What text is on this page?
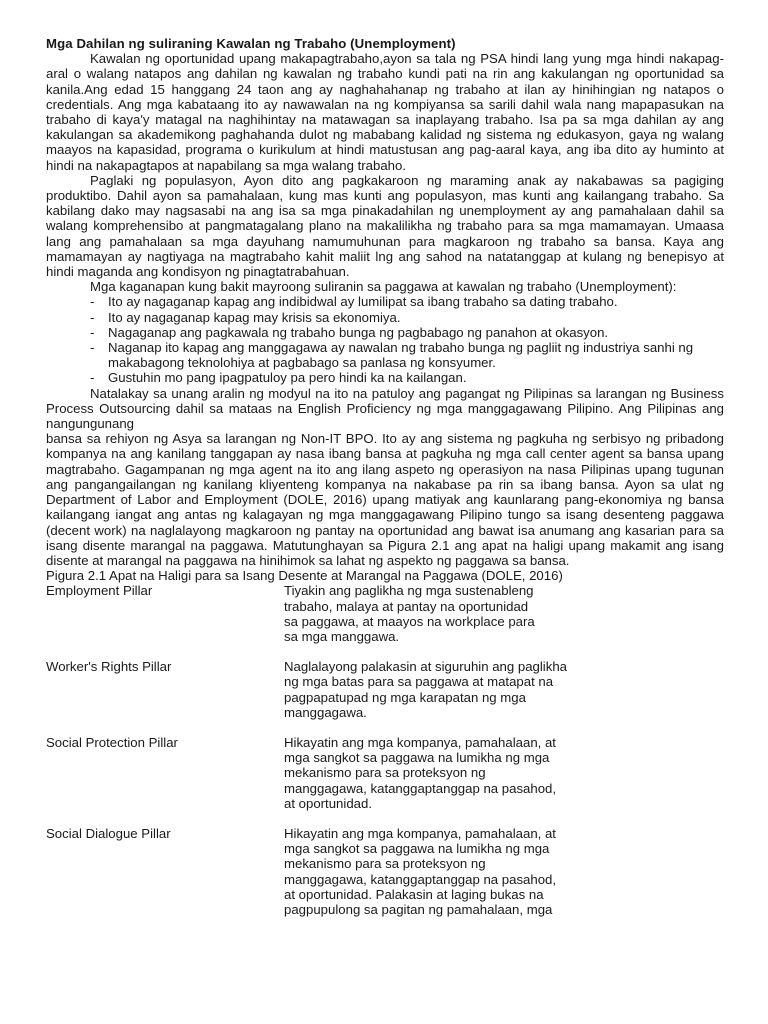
Mga Dahilan ng suliraning Kawalan ng Trabaho (Unemployment)

Kawalan ng oportunidad upang makapagtrabaho,ayon sa tala ng PSA hindi lang yung mga hindi nakapag-aral o walang natapos ang dahilan ng kawalan ng trabaho kundi pati na rin ang kakulangan ng oportunidad sa kanila.Ang edad 15 hanggang 24 taon ang ay naghahahanap ng trabaho at ilan ay hinihingian ng natapos o credentials. Ang mga kabataang ito ay nawawalan na ng kompiyansa sa sarili dahil wala nang mapapasukan na trabaho di kaya'y matagal na naghihintay na matawagan sa inaplayang trabaho. Isa pa sa mga dahilan ay ang kakulangan sa akademikong paghahanda dulot ng mababang kalidad ng sistema ng edukasyon, gaya ng walang maayos na kapasidad, programa o kurikulum at hindi matustusan ang pag-aaral kaya, ang iba dito ay huminto at hindi na nakapagtapos at napabilang sa mga walang trabaho.

Paglaki ng populasyon, Ayon dito ang pagkakaroon ng maraming anak ay nakabawas sa pagiging produktibo. Dahil ayon sa pamahalaan, kung mas kunti ang populasyon, mas kunti ang kailangang trabaho. Sa kabilang dako may nagsasabi na ang isa sa mga pinakadahilan ng unemployment ay ang pamahalaan dahil sa walang komprehensibo at pangmatagalang plano na makalilikha ng trabaho para sa mga mamamayan. Umaasa lang ang pamahalaan sa mga dayuhang namumuhunan para magkaroon ng trabaho sa bansa. Kaya ang mamamayan ay nagtiyaga na magtrabaho kahit maliit lng ang sahod na natatanggap at kulang ng benepisyo at hindi maganda ang kondisyon ng pinagtatrabahuan.

Mga kaganapan kung bakit mayroong suliranin sa paggawa at kawalan ng trabaho (Unemployment):

- Ito ay nagaganap kapag ang indibidwal ay lumilipat sa ibang trabaho sa dating trabaho.
- Ito ay nagaganap kapag may krisis sa ekonomiya.
- Nagaganap ang pagkawala ng trabaho bunga ng pagbabago ng panahon at okasyon.
- Naganap ito kapag ang manggagawa ay nawalan ng trabaho bunga ng pagliit ng industriya sanhi ng makabagong teknolohiya at pagbabago sa panlasa ng konsyumer.
- Gustuhin mo pang ipagpatuloy pa pero hindi ka na kailangan.

Natalakay sa unang aralin ng modyul na ito na patuloy ang pagangat ng Pilipinas sa larangan ng Business Process Outsourcing dahil sa mataas na English Proficiency ng mga manggagawang Pilipino. Ang Pilipinas ang nangungunang

bansa sa rehiyon ng Asya sa larangan ng Non-IT BPO. Ito ay ang sistema ng pagkuha ng serbisyo ng pribadong kompanya na ang kanilang tanggapan ay nasa ibang bansa at pagkuha ng mga call center agent sa bansa upang magtrabaho. Gagampanan ng mga agent na ito ang ilang aspeto ng operasiyon na nasa Pilipinas upang tugunan ang pangangailangan ng kanilang kliyenteng kompanya na nakabase pa rin sa ibang bansa. Ayon sa ulat ng Department of Labor and Employment (DOLE, 2016) upang matiyak ang kaunlarang pang-ekonomiya ng bansa kailangang iangat ang antas ng kalagayan ng mga manggagawang Pilipino tungo sa isang desenteng paggawa (decent work) na naglalayong magkaroon ng pantay na oportunidad ang bawat isa anumang ang kasarian para sa isang disente marangal na paggawa. Matutunghayan sa Pigura 2.1 ang apat na haligi upang makamit ang isang disente at marangal na paggawa na hinihimok sa lahat ng aspekto ng paggawa sa bansa.

Pigura 2.1 Apat na Haligi para sa Isang Desente at Marangal na Paggawa (DOLE, 2016)

Employment Pillar	Tiyakin ang paglikha ng mga sustenableng
trabaho, malaya at pantay na oportunidad
sa paggawa, at maayos na workplace para
sa mga manggawa.
Worker's Rights Pillar	Naglalayong palakasin at siguruhin ang paglikha
ng mga batas para sa paggawa at matapat na
pagpapatupad ng mga karapatan ng mga
manggagawa.
Social Protection Pillar	Hikayatin ang mga kompanya, pamahalaan, at
mga sangkot sa paggawa na lumikha ng mga
mekanismo para sa proteksyon ng
manggagawa, katanggaptanggap na pasahod,
at oportunidad.
Social Dialogue Pillar	Hikayatin ang mga kompanya, pamahalaan, at
mga sangkot sa paggawa na lumikha ng mga
mekanismo para sa proteksyon ng
manggagawa, katanggaptanggap na pasahod,
at oportunidad. Palakasin at laging bukas na
pagpupulong sa pagitan ng pamahalaan, mga
